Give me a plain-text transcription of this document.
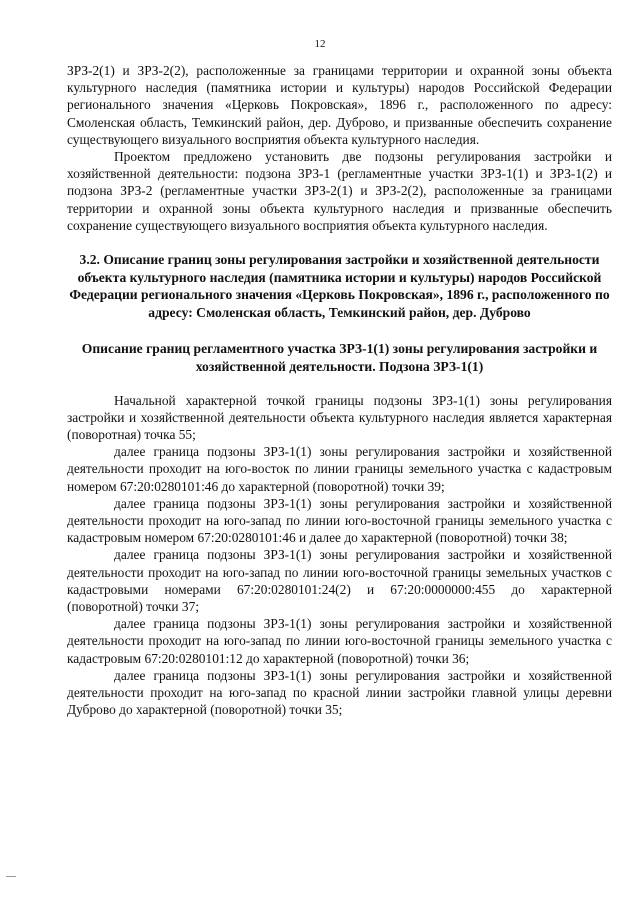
12

ЗРЗ-2(1) и ЗРЗ-2(2), расположенные за границами территории и охранной зоны объекта культурного наследия (памятника истории и культуры) народов Российской Федерации регионального значения «Церковь Покровская», 1896 г., расположенного по адресу: Смоленская область, Темкинский район, дер. Дуброво, и призванные обеспечить сохранение существующего визуального восприятия объекта культурного наследия.

Проектом предложено установить две подзоны регулирования застройки и хозяйственной деятельности: подзона ЗРЗ-1 (регламентные участки ЗРЗ-1(1) и ЗРЗ-1(2) и подзона ЗРЗ-2 (регламентные участки ЗРЗ-2(1) и ЗРЗ-2(2), расположенные за границами территории и охранной зоны объекта культурного наследия и призванные обеспечить сохранение существующего визуального восприятия объекта культурного наследия.

3.2. Описание границ зоны регулирования застройки и хозяйственной деятельности объекта культурного наследия (памятника истории и культуры) народов Российской Федерации регионального значения «Церковь Покровская», 1896 г., расположенного по адресу: Смоленская область, Темкинский район, дер. Дуброво

Описание границ регламентного участка ЗРЗ-1(1) зоны регулирования застройки и хозяйственной деятельности. Подзона ЗРЗ-1(1)

Начальной характерной точкой границы подзоны ЗРЗ-1(1) зоны регулирования застройки и хозяйственной деятельности объекта культурного наследия является характерная (поворотная) точка 55;

далее граница подзоны ЗРЗ-1(1) зоны регулирования застройки и хозяйственной деятельности проходит на юго-восток по линии границы земельного участка с кадастровым номером 67:20:0280101:46 до характерной (поворотной) точки 39;

далее граница подзоны ЗРЗ-1(1) зоны регулирования застройки и хозяйственной деятельности проходит на юго-запад по линии юго-восточной границы земельного участка с кадастровым номером 67:20:0280101:46 и далее до характерной (поворотной) точки 38;

далее граница подзоны ЗРЗ-1(1) зоны регулирования застройки и хозяйственной деятельности проходит на юго-запад по линии юго-восточной границы земельных участков с кадастровыми номерами 67:20:0280101:24(2) и 67:20:0000000:455 до характерной (поворотной) точки 37;

далее граница подзоны ЗРЗ-1(1) зоны регулирования застройки и хозяйственной деятельности проходит на юго-запад по линии юго-восточной границы земельного участка с кадастровым 67:20:0280101:12 до характерной (поворотной) точки 36;

далее граница подзоны ЗРЗ-1(1) зоны регулирования застройки и хозяйственной деятельности проходит на юго-запад по красной линии застройки главной улицы деревни Дуброво до характерной (поворотной) точки 35;
